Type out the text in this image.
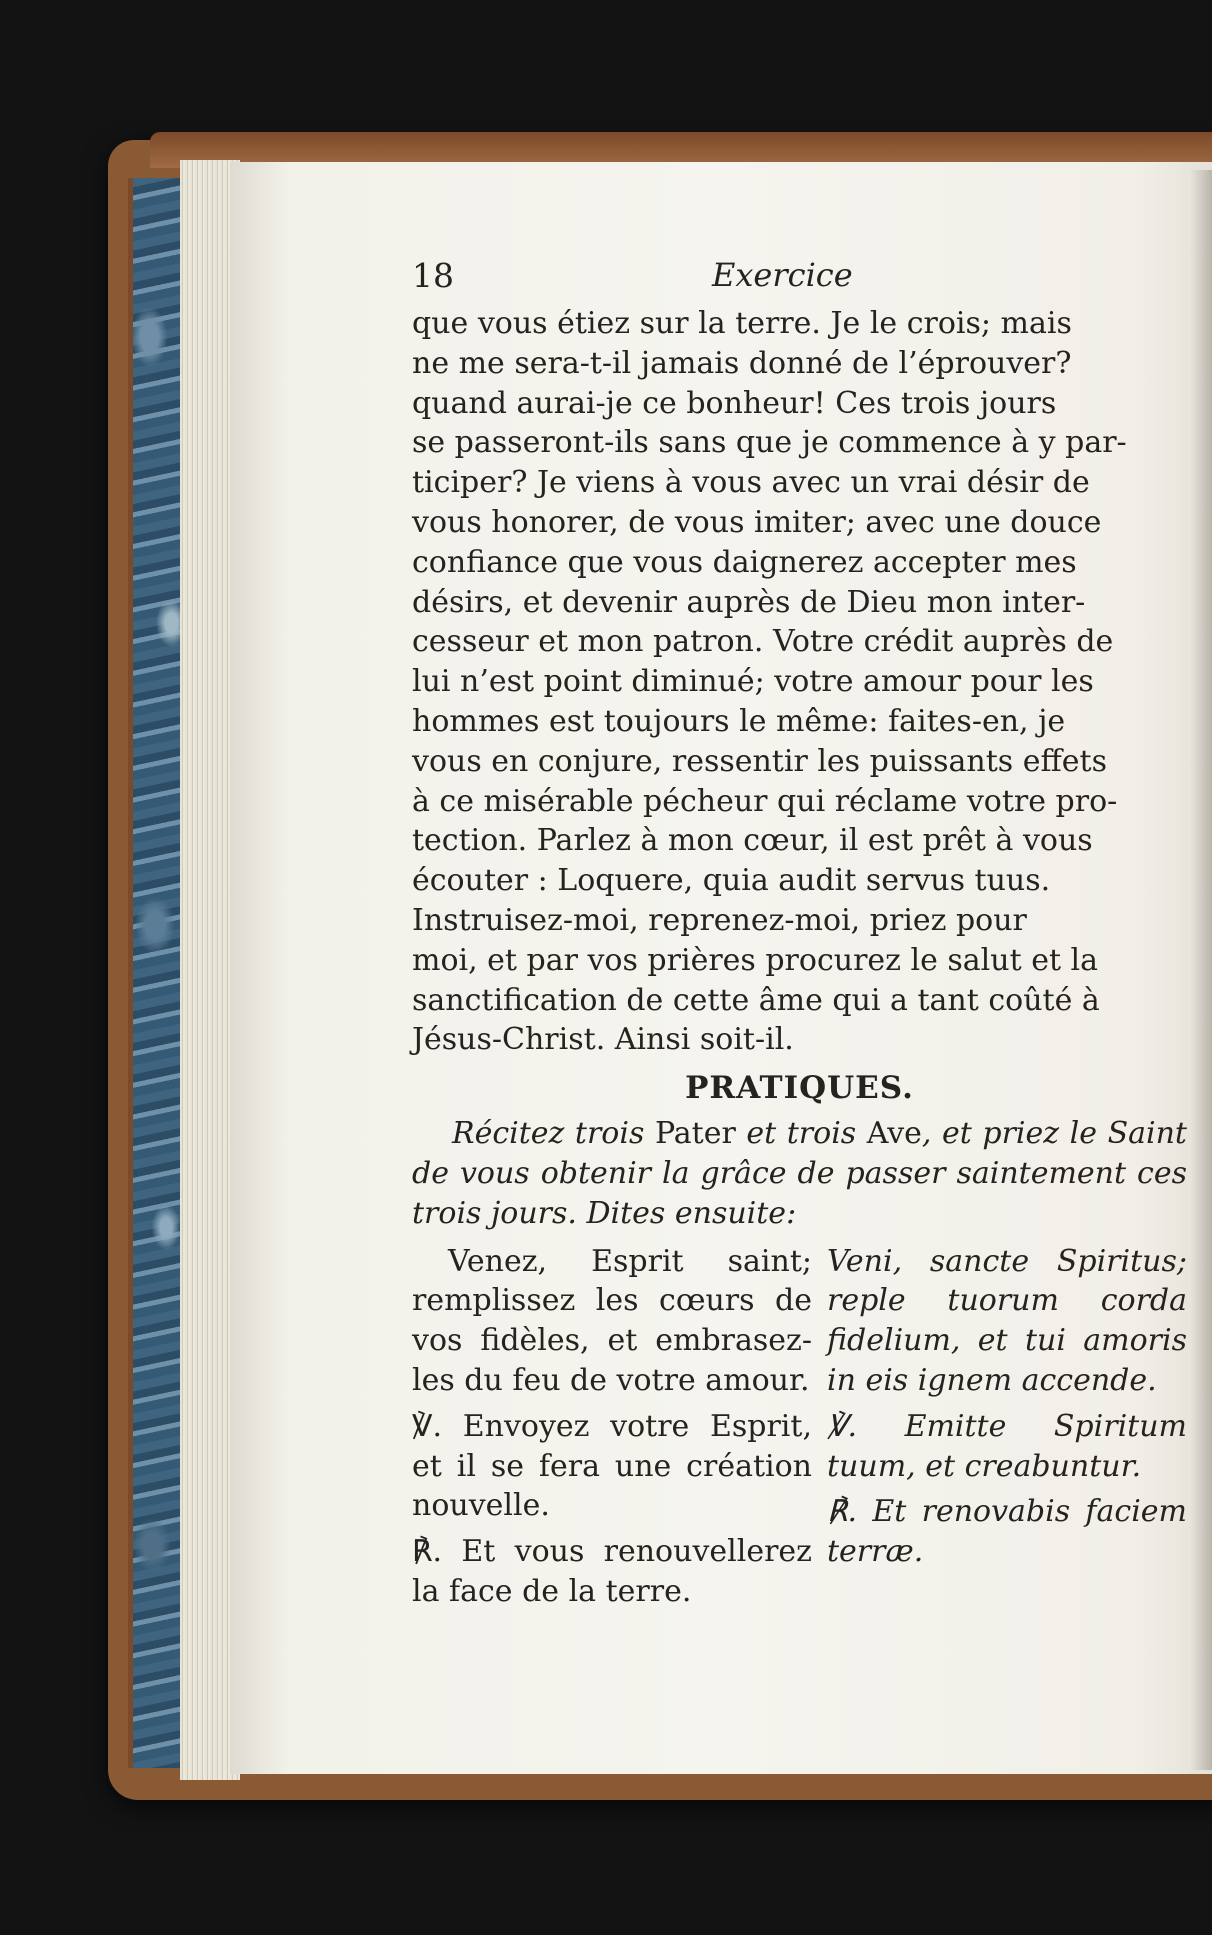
18	Exercice

que vous étiez sur la terre. Je le crois; mais

ne me sera-t-il jamais donné de l’éprouver?

quand aurai-je ce bonheur! Ces trois jours

se passeront-ils sans que je commence à y par-

ticiper? Je viens à vous avec un vrai désir de

vous honorer, de vous imiter; avec une douce

confiance que vous daignerez accepter mes

désirs, et devenir auprès de Dieu mon inter-

cesseur et mon patron. Votre crédit auprès de

lui n’est point diminué; votre amour pour les

hommes est toujours le même: faites-en, je

vous en conjure, ressentir les puissants effets

à ce misérable pécheur qui réclame votre pro-

tection. Parlez à mon cœur, il est prêt à vous

écouter : Loquere, quia audit servus tuus.

Instruisez-moi, reprenez-moi, priez pour

moi, et par vos prières procurez le salut et la

sanctification de cette âme qui a tant coûté à

Jésus-Christ. Ainsi soit-il.

PRATIQUES.

Récitez trois Pater et trois Ave, et priez le Saint de vous obtenir la grâce de passer saintement ces trois jours. Dites ensuite:

Venez, Esprit saint; remplissez les cœurs de vos fidèles, et embrasez-les du feu de votre amour.

℣. Envoyez votre Esprit, et il se fera une création nouvelle.

℟. Et vous renouvellerez la face de la terre.

Veni, sancte Spiritus; reple tuorum corda fidelium, et tui amoris in eis ignem accende.

℣. Emitte Spiritum tuum, et creabuntur.

℟. Et renovabis faciem terræ.
